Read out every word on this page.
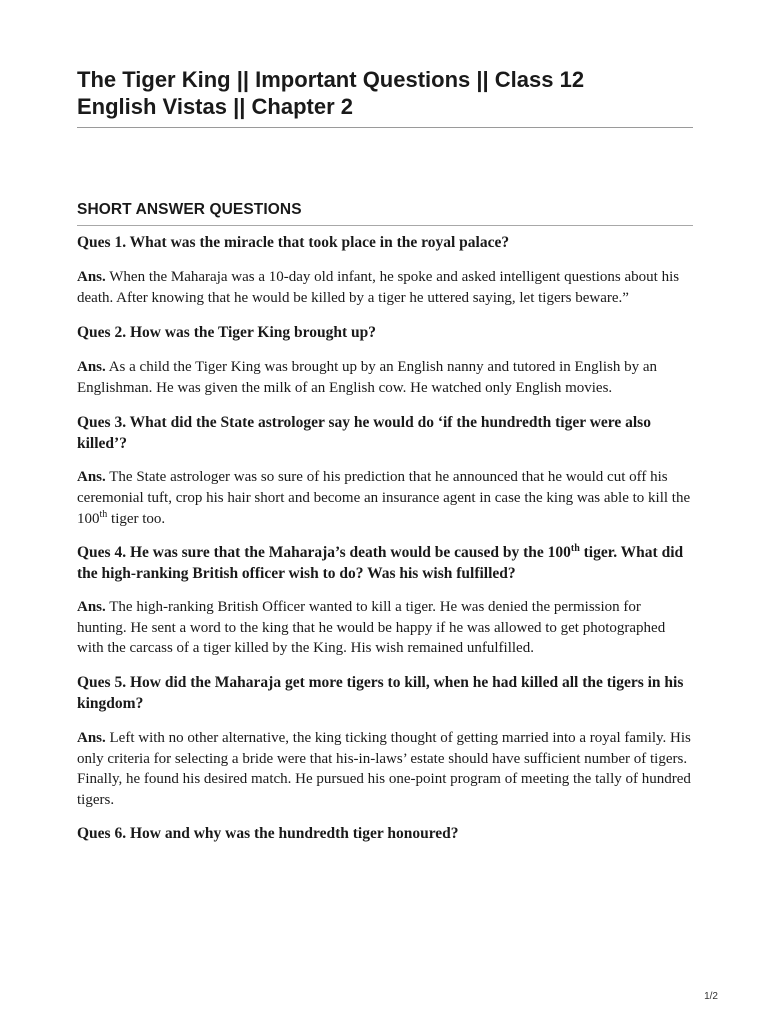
The Tiger King || Important Questions || Class 12
English Vistas || Chapter 2
SHORT ANSWER QUESTIONS

Ques 1. What was the miracle that took place in the royal palace?

Ans. When the Maharaja was a 10-day old infant, he spoke and asked intelligent questions about his death. After knowing that he would be killed by a tiger he uttered saying, let tigers beware.”

Ques 2. How was the Tiger King brought up?

Ans. As a child the Tiger King was brought up by an English nanny and tutored in English by an Englishman. He was given the milk of an English cow. He watched only English movies.

Ques 3. What did the State astrologer say he would do ‘if the hundredth tiger were also killed’?

Ans. The State astrologer was so sure of his prediction that he announced that he would cut off his ceremonial tuft, crop his hair short and become an insurance agent in case the king was able to kill the 100th tiger too.

Ques 4. He was sure that the Maharaja’s death would be caused by the 100th tiger. What did the high-ranking British officer wish to do? Was his wish fulfilled?

Ans. The high-ranking British Officer wanted to kill a tiger. He was denied the permission for hunting. He sent a word to the king that he would be happy if he was allowed to get photographed with the carcass of a tiger killed by the King. His wish remained unfulfilled.

Ques 5. How did the Maharaja get more tigers to kill, when he had killed all the tigers in his kingdom?

Ans. Left with no other alternative, the king ticking thought of getting married into a royal family. His only criteria for selecting a bride were that his-in-laws’ estate should have sufficient number of tigers. Finally, he found his desired match. He pursued his one-point program of meeting the tally of hundred tigers.

Ques 6. How and why was the hundredth tiger honoured?

1/2
